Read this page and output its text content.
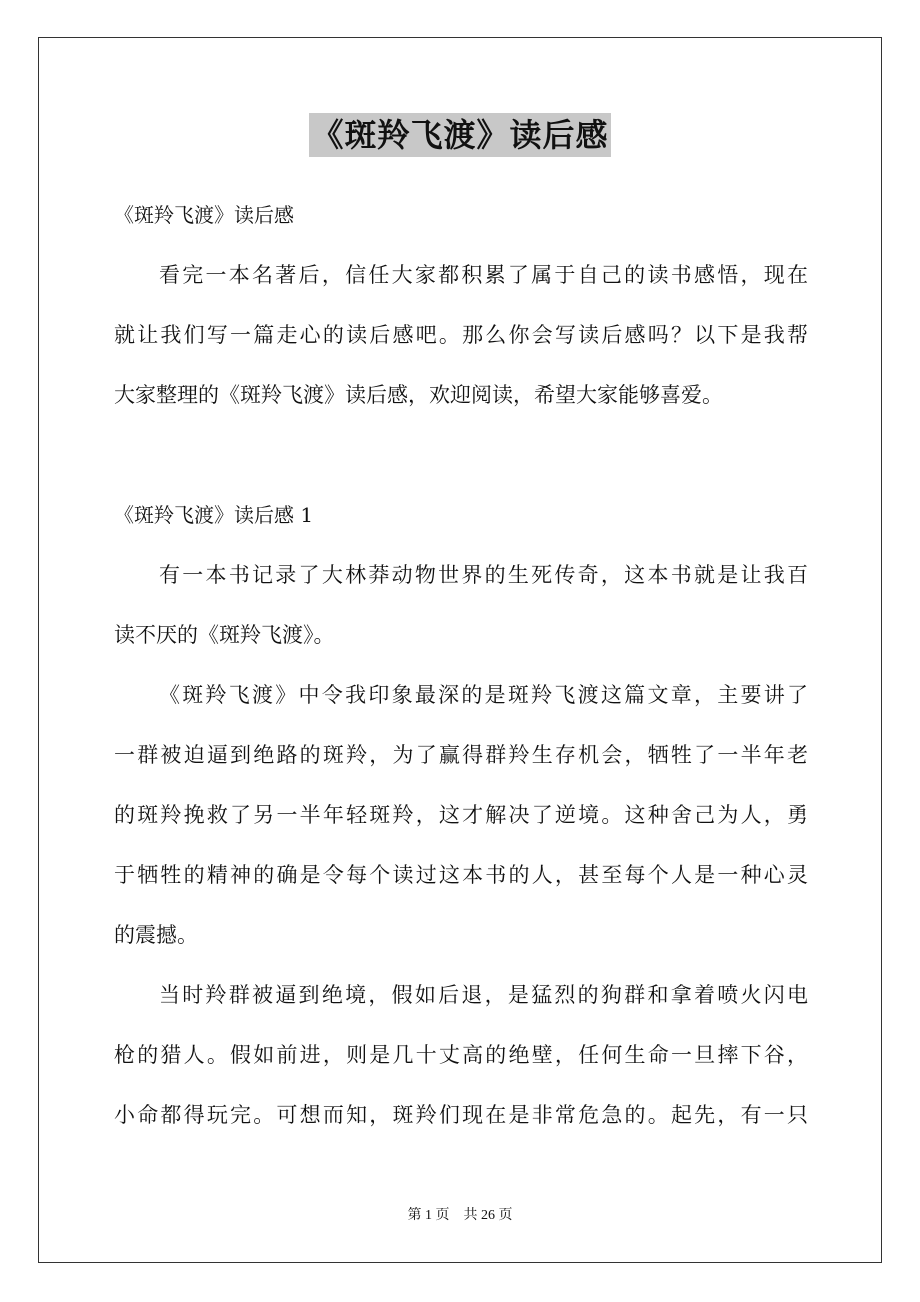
《斑羚飞渡》读后感
《斑羚飞渡》读后感
看完一本名著后，信任大家都积累了属于自己的读书感悟，现在
就让我们写一篇走心的读后感吧。那么你会写读后感吗？以下是我帮
大家整理的《斑羚飞渡》读后感，欢迎阅读，希望大家能够喜爱。
《斑羚飞渡》读后感 1
有一本书记录了大林莽动物世界的生死传奇，这本书就是让我百
读不厌的《斑羚飞渡》。
《斑羚飞渡》中令我印象最深的是斑羚飞渡这篇文章，主要讲了
一群被迫逼到绝路的斑羚，为了赢得群羚生存机会，牺牲了一半年老
的斑羚挽救了另一半年轻斑羚，这才解决了逆境。这种舍己为人，勇
于牺牲的精神的确是令每个读过这本书的人，甚至每个人是一种心灵
的震撼。
当时羚群被逼到绝境，假如后退，是猛烈的狗群和拿着喷火闪电
枪的猎人。假如前进，则是几十丈高的绝壁，任何生命一旦摔下谷，
小命都得玩完。可想而知，斑羚们现在是非常危急的。起先，有一只
第 1 页　共 26 页
